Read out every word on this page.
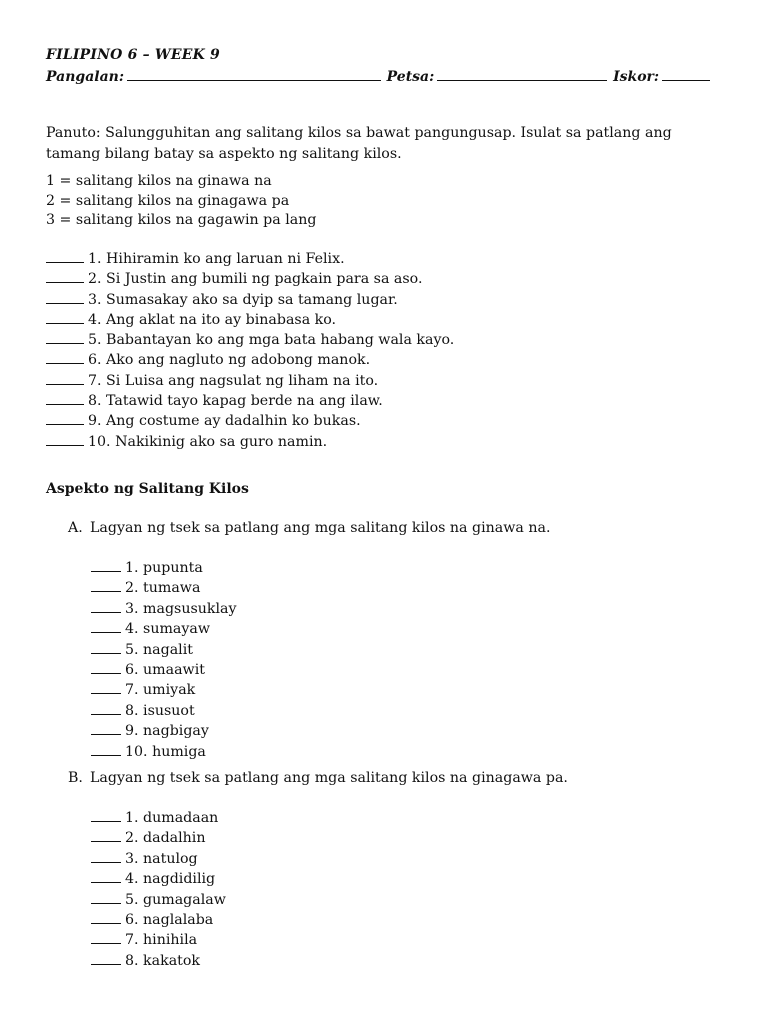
FILIPINO 6 – WEEK 9
Pangalan:	Petsa:	Iskor:
Panuto: Salungguhitan ang salitang kilos sa bawat pangungusap. Isulat sa patlang ang tamang bilang batay sa aspekto ng salitang kilos.
1 = salitang kilos na ginawa na
2 = salitang kilos na ginagawa pa
3 = salitang kilos na gagawin pa lang
1. Hihiramin ko ang laruan ni Felix.
2. Si Justin ang bumili ng pagkain para sa aso.
3. Sumasakay ako sa dyip sa tamang lugar.
4. Ang aklat na ito ay binabasa ko.
5. Babantayan ko ang mga bata habang wala kayo.
6. Ako ang nagluto ng adobong manok.
7. Si Luisa ang nagsulat ng liham na ito.
8. Tatawid tayo kapag berde na ang ilaw.
9. Ang costume ay dadalhin ko bukas.
10. Nakikinig ako sa guro namin.
Aspekto ng Salitang Kilos
A. Lagyan ng tsek sa patlang ang mga salitang kilos na ginawa na.
1. pupunta
2. tumawa
3. magsusuklay
4. sumayaw
5. nagalit
6. umaawit
7. umiyak
8. isusuot
9. nagbigay
10. humiga
B. Lagyan ng tsek sa patlang ang mga salitang kilos na ginagawa pa.
1. dumadaan
2. dadalhin
3. natulog
4. nagdidilig
5. gumagalaw
6. naglalaba
7. hinihila
8. kakatok
